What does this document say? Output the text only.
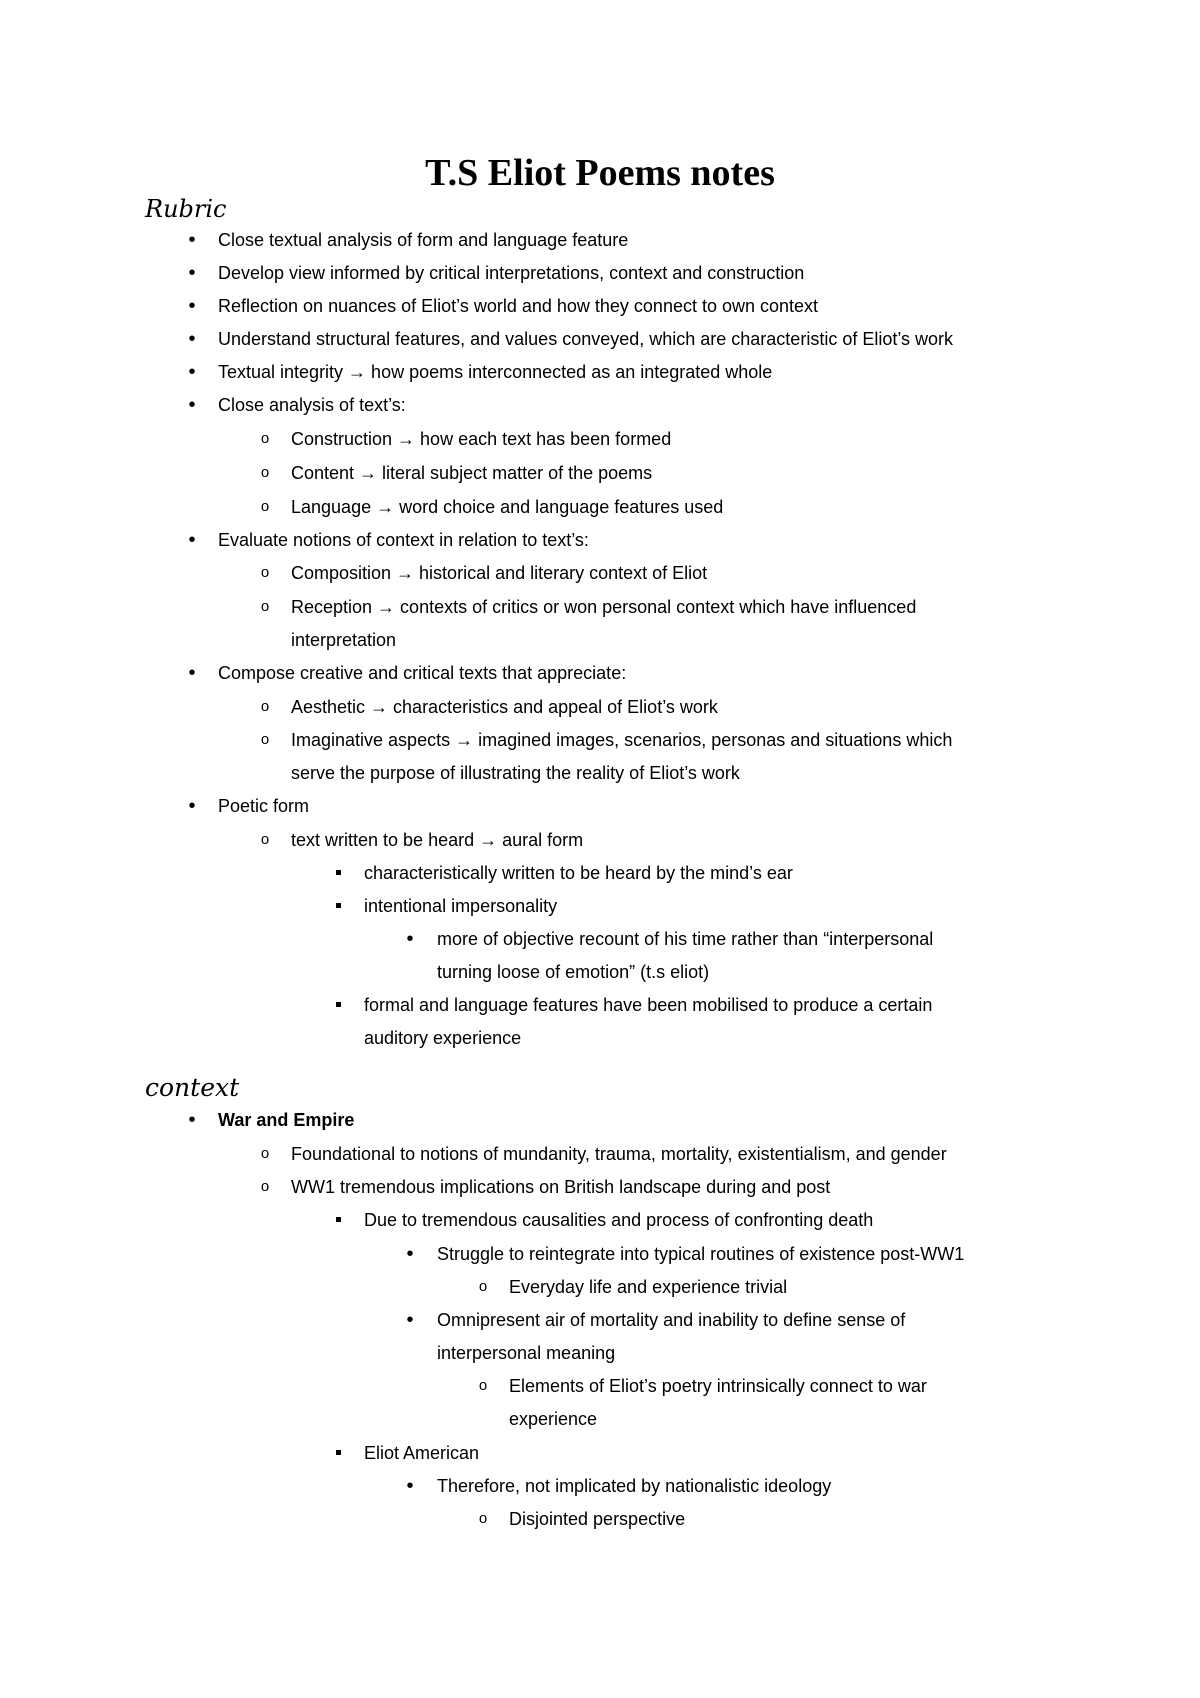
T.S Eliot Poems notes
Rubric
•
Close textual analysis of form and language feature
•
Develop view informed by critical interpretations, context and construction
•
Reflection on nuances of Eliot’s world and how they connect to own context
•
Understand structural features, and values conveyed, which are characteristic of Eliot’s work
•
Textual integrity → how poems interconnected as an integrated whole
•
Close analysis of text’s:
o	Construction → how each text has been formed
o	Content → literal subject matter of the poems
o	Language → word choice and language features used
•
Evaluate notions of context in relation to text’s:
o	Composition → historical and literary context of Eliot
o	Reception → contexts of critics or won personal context which have influenced
interpretation
•
Compose creative and critical texts that appreciate:
o	Aesthetic → characteristics and appeal of Eliot’s work
o	Imaginative aspects → imagined images, scenarios, personas and situations which
serve the purpose of illustrating the reality of Eliot’s work
•
Poetic form
o	text written to be heard → aural form
characteristically written to be heard by the mind’s ear
intentional impersonality
•
more of objective recount of his time rather than “interpersonal
turning loose of emotion” (t.s eliot)
formal and language features have been mobilised to produce a certain
auditory experience
context
•
War and Empire
o	Foundational to notions of mundanity, trauma, mortality, existentialism, and gender
o	WW1 tremendous implications on British landscape during and post
Due to tremendous causalities and process of confronting death
•
Struggle to reintegrate into typical routines of existence post-WW1
o	Everyday life and experience trivial
•
Omnipresent air of mortality and inability to define sense of
interpersonal meaning
o	Elements of Eliot’s poetry intrinsically connect to war
experience
Eliot American
•
Therefore, not implicated by nationalistic ideology
o	Disjointed perspective
